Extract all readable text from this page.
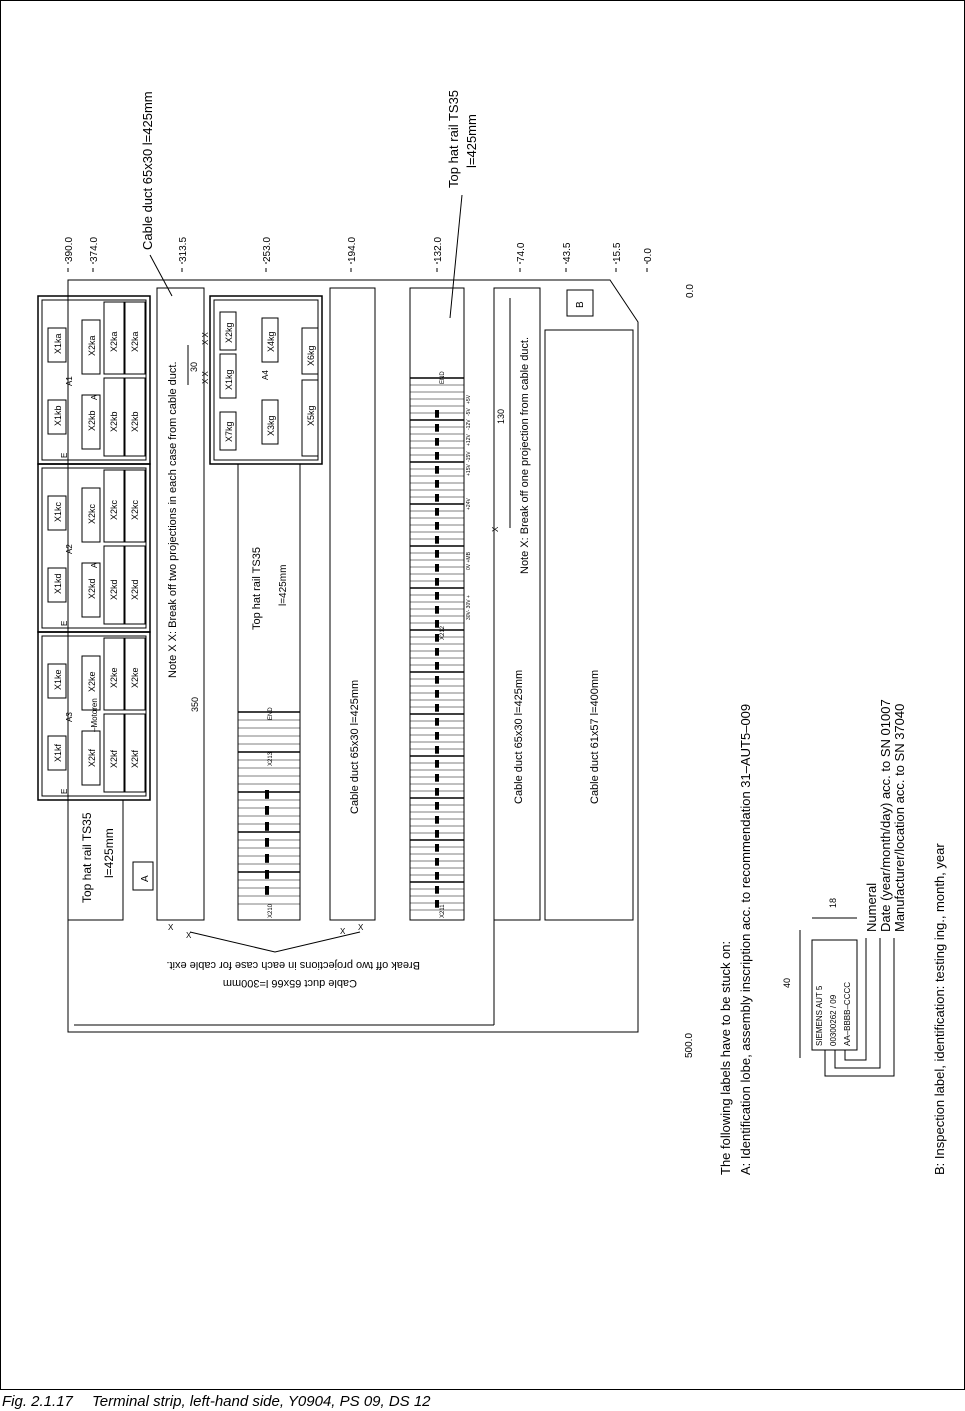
390.0 374.0	313.5	253.0	194.0	132.0	74.0	43.5	15.5 0.0
0.0
500.0
Cable duct 65x30 l=425mm	Top hat rail TS35 l=425mm
Top hat rail TS35 l=425mm
A
X1ka
X1kb
X2ka
X2kb
X2ka
X2kb
X2ka
X2kb
A1
A
E
X1kc
X1kd
X2kc
X2kd
X2kc
X2kd
X2kc
X2kd
A2
A
E
X1ke
X1kf
X2ke
X2kf
X2ke
X2kf
X2ke
X2kf
A3 –Motoren
E
Note X X: Break off two projections in each case from cable duct.
350
30
X X
X X
X2kg
X1kg
X7kg
X4kg
X3kg
X6kg
X5kg
A4
Top hat rail TS35 l=425mm
X210
X213
END	Cable duct 65x30 l=425mm
X211
X212
END
+5V
-5V
+15V
+12V
-12V
-15V
+24V
0V +MB
30V- 30V +
Note X: Break off one projection from cable duct.
130
Cable duct 65x30 l=425mm
X
Cable duct 61x57 l=400mm
B
Cable duct 65x66 l=300mm
Break off two projections in each case for cable exit.
X
X	X X
The following labels have to be stuck on: A: Identification lobe, assembly inscription acc. to recommendation 31–AUT5–009	B: Inspection label, identification: testing ing., month, year
SIEMENS AUT 5 00300262 / 09 AA–BBBB–CCCC
40
18 Numeral Date (year/month/day) acc. to SN 01007 Manufacturer/location acc. to SN 37040
Fig. 2.1.17 Terminal strip, left-hand side, Y0904, PS 09, DS 12
